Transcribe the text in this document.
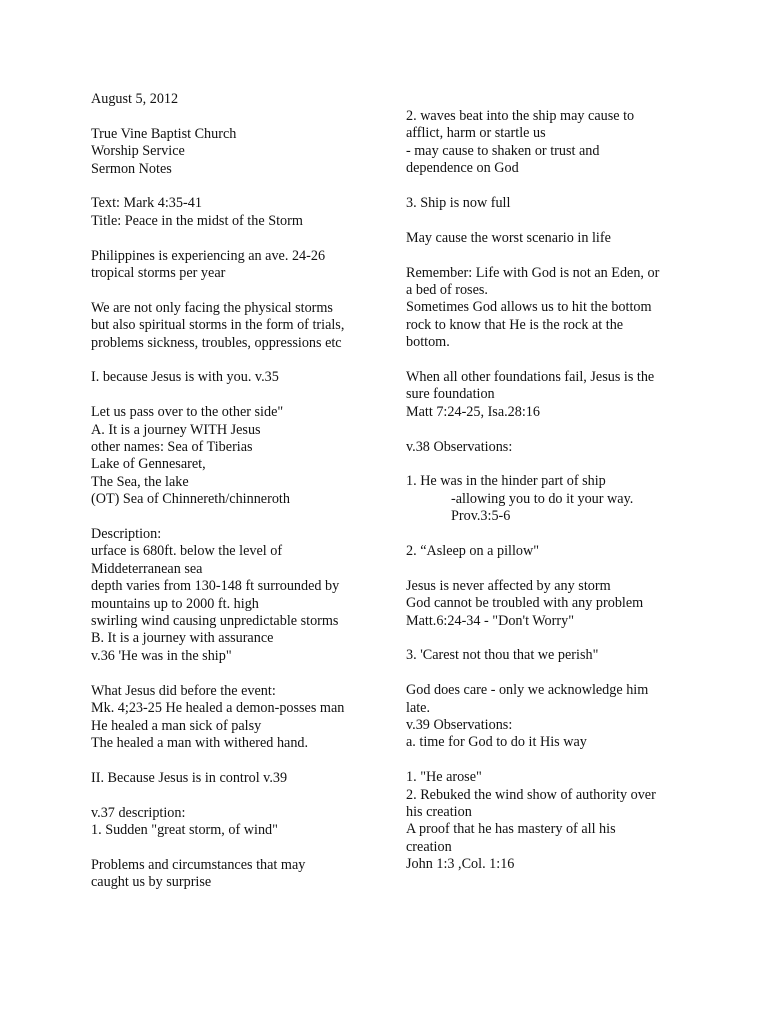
August 5, 2012
True Vine Baptist Church
Worship Service
Sermon Notes
Text: Mark 4:35-41
Title: Peace in the midst of the Storm
Philippines is experiencing an ave. 24-26
tropical storms per year
We are not only facing the physical storms
but also spiritual storms in the form of trials,
problems sickness, troubles, oppressions etc
I. because Jesus is with you. v.35
Let us pass over to the other side"
A. It is a journey WITH Jesus
other names: Sea of Tiberias
Lake of Gennesaret,
The Sea, the lake
(OT) Sea of Chinnereth/chinneroth
Description:
urface is 680ft. below the level of
Middeterranean sea
depth varies from 130-148 ft surrounded by
mountains up to 2000 ft. high
swirling wind causing unpredictable storms
B. It is a journey with assurance
v.36 'He was in the ship"
What Jesus did before the event:
Mk. 4;23-25 He healed a demon-posses man
He healed a man sick of palsy
The healed a man with withered hand.
II. Because Jesus is in control v.39
v.37 description:
1. Sudden "great storm, of wind"
Problems and circumstances that may
caught us by surprise
2. waves beat into the ship may cause to
afflict, harm or startle us
- may cause to shaken or trust and
dependence on God
3. Ship is now full
May cause the worst scenario in life
Remember: Life with God is not an Eden, or
a bed of roses.
Sometimes God allows us to hit the bottom
rock to know that He is the rock at the
bottom.
When all other foundations fail, Jesus is the
sure foundation
Matt 7:24-25, Isa.28:16
v.38 Observations:
1. He was in the hinder part of ship
-allowing you to do it your way.
Prov.3:5-6
2. “Asleep on a pillow"
Jesus is never affected by any storm
God cannot be troubled with any problem
Matt.6:24-34 - "Don't Worry"
3. 'Carest not thou that we perish"
God does care - only we acknowledge him
late.
v.39 Observations:
a. time for God to do it His way
1. "He arose"
2. Rebuked the wind show of authority over
his creation
A proof that he has mastery of all his
creation
John 1:3 ,Col. 1:16
